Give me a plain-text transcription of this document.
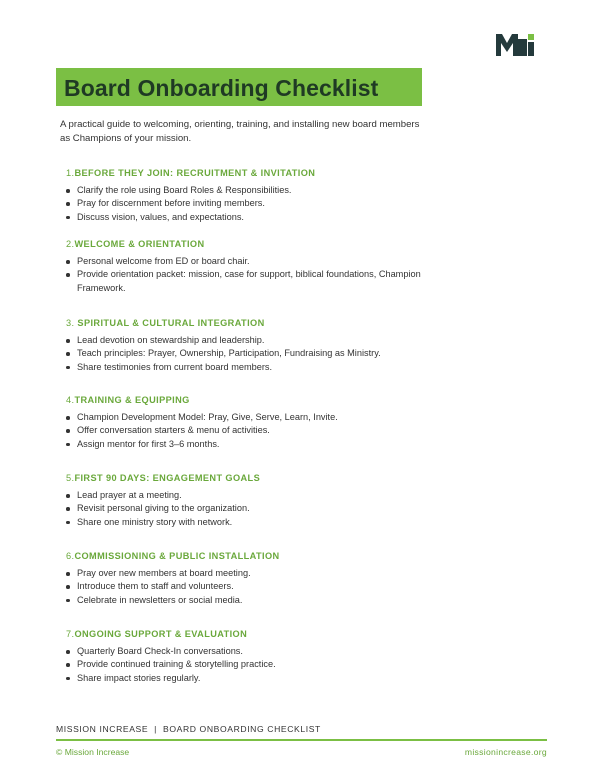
Board Onboarding Checklist
A practical guide to welcoming, orienting, training, and installing new board members as Champions of your mission.
1.BEFORE THEY JOIN: RECRUITMENT & INVITATION
Clarify the role using Board Roles & Responsibilities.
Pray for discernment before inviting members.
Discuss vision, values, and expectations.
2.WELCOME & ORIENTATION
Personal welcome from ED or board chair.
Provide orientation packet: mission, case for support, biblical foundations, Champion Framework.
3. SPIRITUAL & CULTURAL INTEGRATION
Lead devotion on stewardship and leadership.
Teach principles: Prayer, Ownership, Participation, Fundraising as Ministry.
Share testimonies from current board members.
4.TRAINING & EQUIPPING
Champion Development Model: Pray, Give, Serve, Learn, Invite.
Offer conversation starters & menu of activities.
Assign mentor for first 3–6 months.
5.FIRST 90 DAYS: ENGAGEMENT GOALS
Lead prayer at a meeting.
Revisit personal giving to the organization.
Share one ministry story with network.
6.COMMISSIONING & PUBLIC INSTALLATION
Pray over new members at board meeting.
Introduce them to staff and volunteers.
Celebrate in newsletters or social media.
7.ONGOING SUPPORT & EVALUATION
Quarterly Board Check-In conversations.
Provide continued training & storytelling practice.
Share impact stories regularly.
MISSION INCREASE  |  BOARD ONBOARDING CHECKLIST
© Mission Increase	missionincrease.org
